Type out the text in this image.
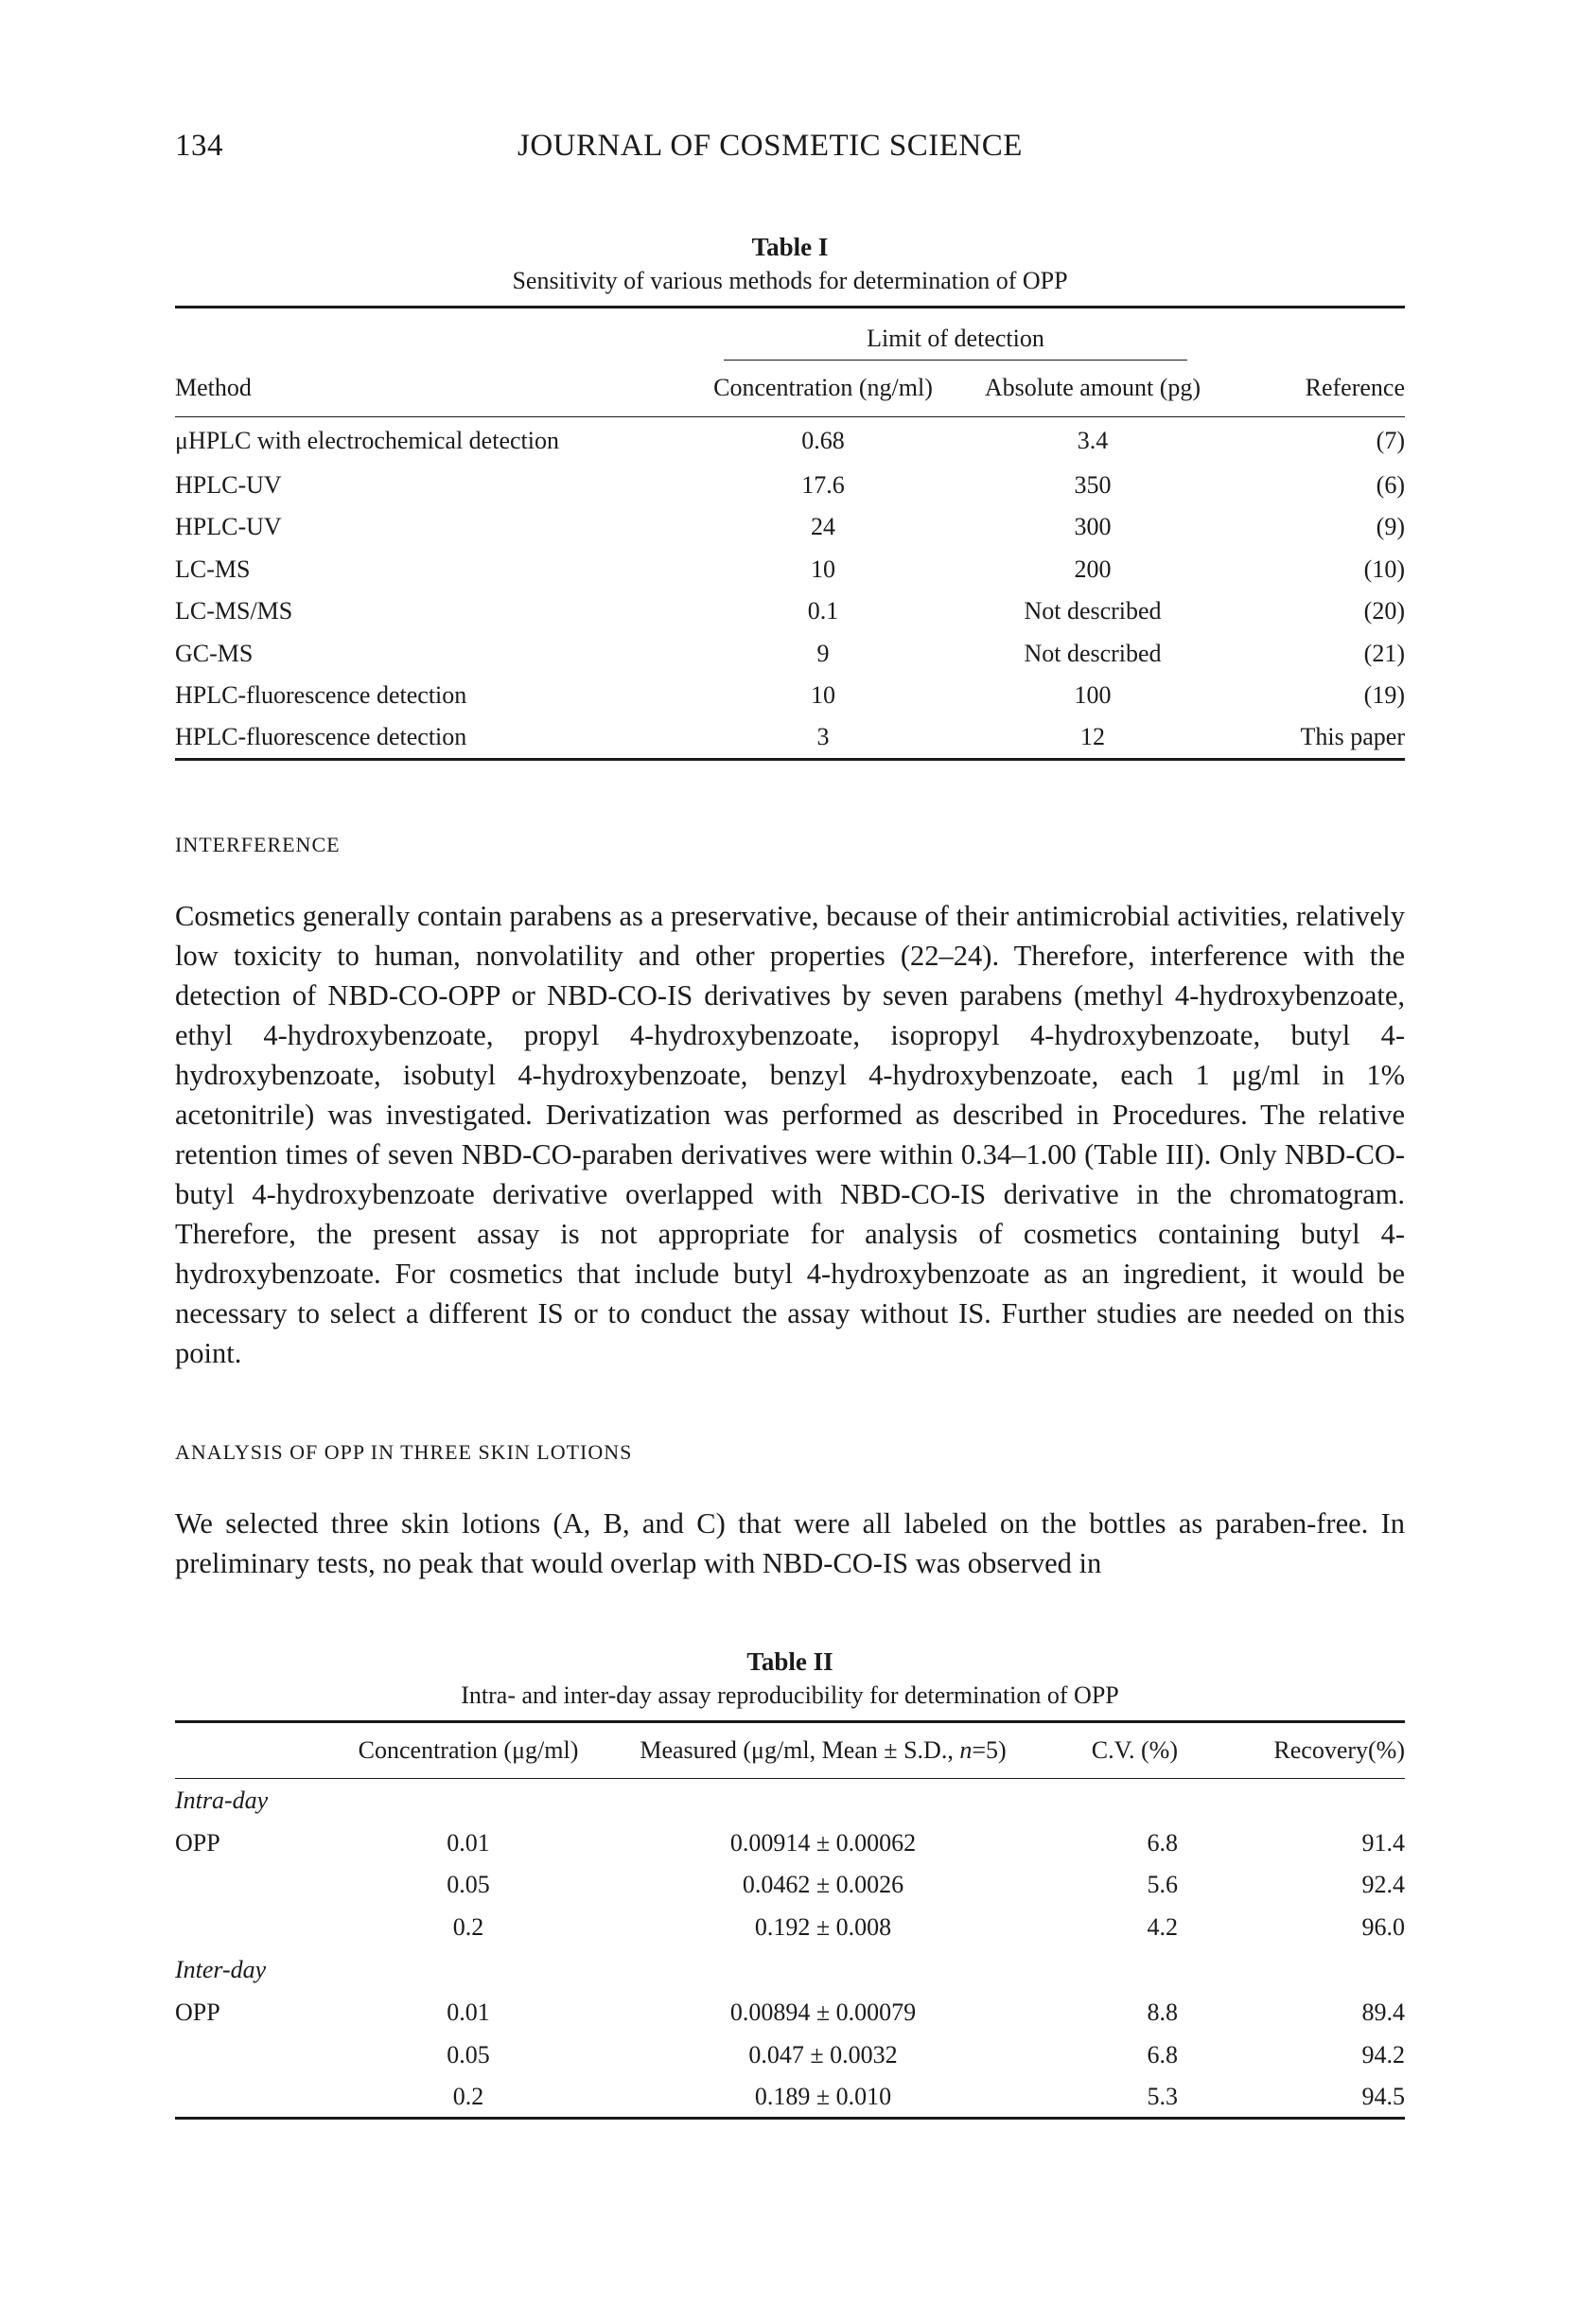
134	JOURNAL OF COSMETIC SCIENCE
Table I
Sensitivity of various methods for determination of OPP
	Limit of detection	

Method	Concentration (ng/ml)	Absolute amount (pg)	Reference
μHPLC with electrochemical detection	0.68	3.4	(7)
HPLC-UV	17.6	350	(6)
HPLC-UV	24	300	(9)
LC-MS	10	200	(10)
LC-MS/MS	0.1	Not described	(20)
GC-MS	9	Not described	(21)
HPLC-fluorescence detection	10	100	(19)
HPLC-fluorescence detection	3	12	This paper
INTERFERENCE
Cosmetics generally contain parabens as a preservative, because of their antimicrobial activities, relatively low toxicity to human, nonvolatility and other properties (22–24). Therefore, interference with the detection of NBD-CO-OPP or NBD-CO-IS derivatives by seven parabens (methyl 4-hydroxybenzoate, ethyl 4-hydroxybenzoate, propyl 4-hydroxybenzoate, isopropyl 4-hydroxybenzoate, butyl 4-hydroxybenzoate, isobutyl 4-hydroxybenzoate, benzyl 4-hydroxybenzoate, each 1 μg/ml in 1% acetonitrile) was investigated. Derivatization was performed as described in Procedures. The relative retention times of seven NBD-CO-paraben derivatives were within 0.34–1.00 (Table III). Only NBD-CO-butyl 4-hydroxybenzoate derivative overlapped with NBD-CO-IS derivative in the chromatogram. Therefore, the present assay is not appropriate for analysis of cosmetics containing butyl 4-hydroxybenzoate. For cosmetics that include butyl 4-hydroxybenzoate as an ingredient, it would be necessary to select a different IS or to conduct the assay without IS. Further studies are needed on this point.
ANALYSIS OF OPP IN THREE SKIN LOTIONS
We selected three skin lotions (A, B, and C) that were all labeled on the bottles as paraben-free. In preliminary tests, no peak that would overlap with NBD-CO-IS was observed in
Table II
Intra- and inter-day assay reproducibility for determination of OPP
	Concentration (μg/ml)	Measured (μg/ml, Mean ± S.D., n=5)	C.V. (%)	Recovery(%)
Intra-day				
OPP	0.01	0.00914 ± 0.00062	6.8	91.4
	0.05	0.0462 ± 0.0026	5.6	92.4
	0.2	0.192 ± 0.008	4.2	96.0
Inter-day				
OPP	0.01	0.00894 ± 0.00079	8.8	89.4
	0.05	0.047 ± 0.0032	6.8	94.2
	0.2	0.189 ± 0.010	5.3	94.5
